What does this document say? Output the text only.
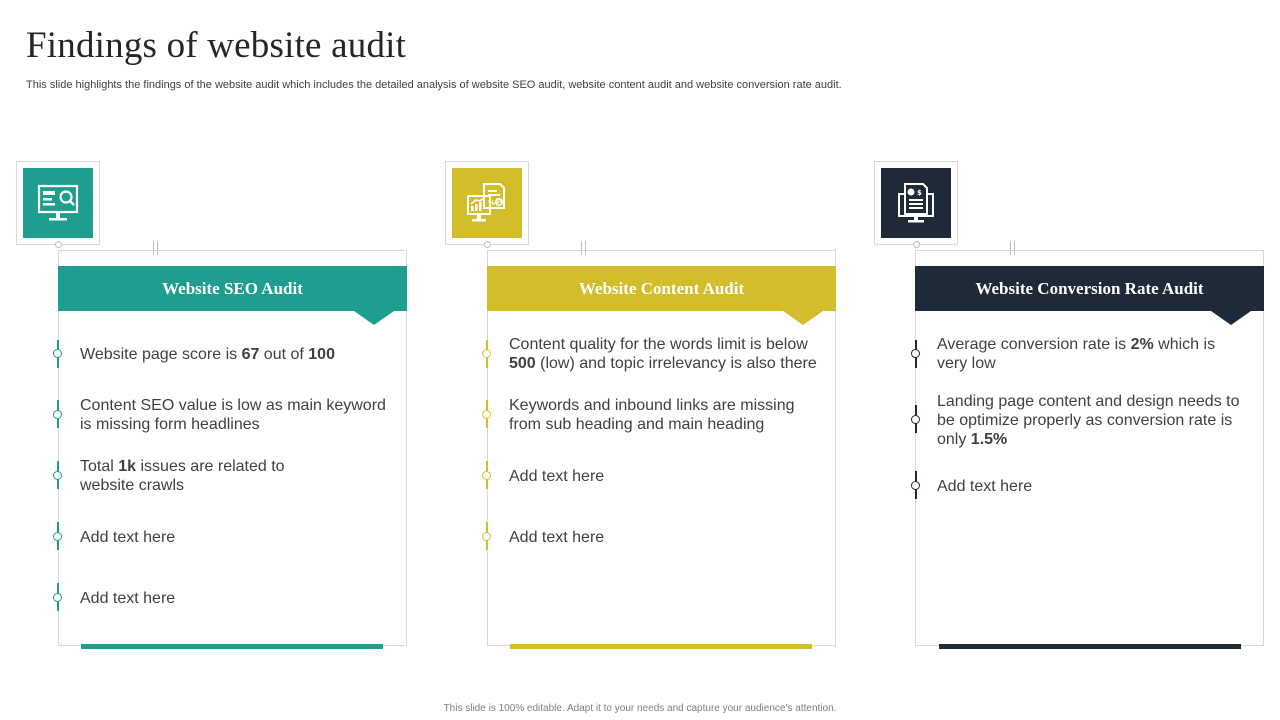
Findings of website audit

This slide highlights the findings of the website audit which includes the detailed analysis of website SEO audit, website content audit and website conversion rate audit.

Website SEO Audit
Website page score is 67 out of 100
Content SEO value is low as main keyword is missing form headlines
Total 1k issues are related to website crawls
Add text here
Add text here
% $
Website Content Audit
Content quality for the words limit is below 500 (low) and topic irrelevancy is also there
Keywords and inbound links are missing from sub heading and main heading
Add text here
Add text here
$
Website Conversion Rate Audit
Average conversion rate is 2% which is very low
Landing page content and design needs to be optimize properly as conversion rate is only 1.5%
Add text here
This slide is 100% editable. Adapt it to your needs and capture your audience’s attention.
